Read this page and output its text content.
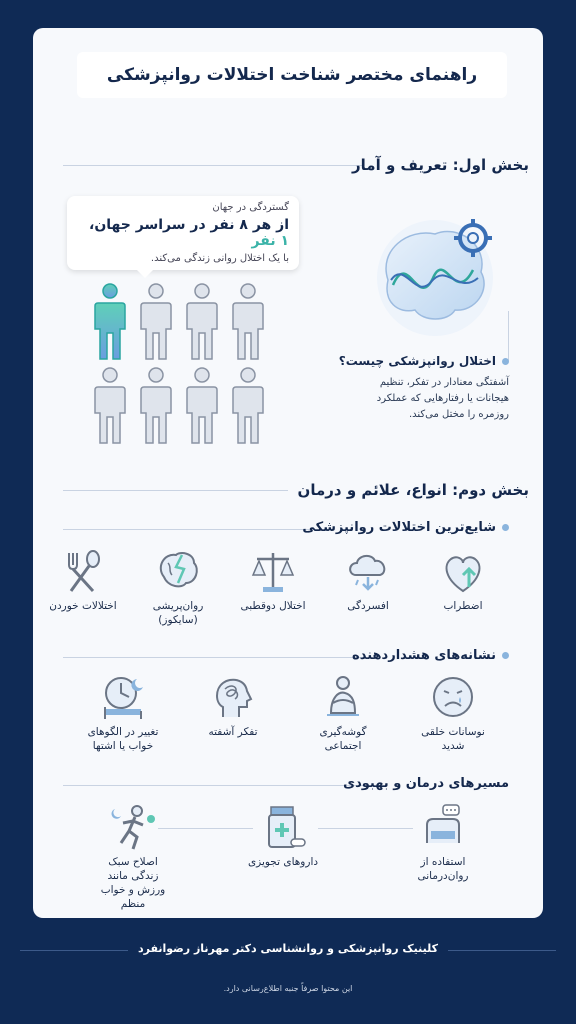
راهنمای مختصر شناخت اختلالات روانپزشکی
بخش اول: تعریف و آمار
گستردگی در جهان
از هر ۸ نفر در سراسر جهان، ۱ نفر
با یک اختلال روانی زندگی می‌کند.
اختلال روانپزشکی چیست؟
آشفتگی معنادار در تفکر، تنظیم هیجانات یا رفتارهایی که عملکرد روزمره را مختل می‌کند.
بخش دوم: انواع، علائم و درمان
شایع‌ترین اختلالات روانپزشکی
اضطراب
افسردگی
اختلال دوقطبی
روان‌پریشی (سایکوز)
اختلالات خوردن
نشانه‌های هشداردهنده
نوسانات خلقی شدید
گوشه‌گیری اجتماعی
تفکر آشفته
تغییر در الگوهای خواب یا اشتها
مسیرهای درمان و بهبودی
استفاده از روان‌درمانی
داروهای تجویزی
اصلاح سبک زندگی مانند ورزش و خواب منظم
کلینیک روانپزشکی و روانشناسی دکتر مهرناز رضوانفرد
این محتوا صرفاً جنبه اطلاع‌رسانی دارد.
